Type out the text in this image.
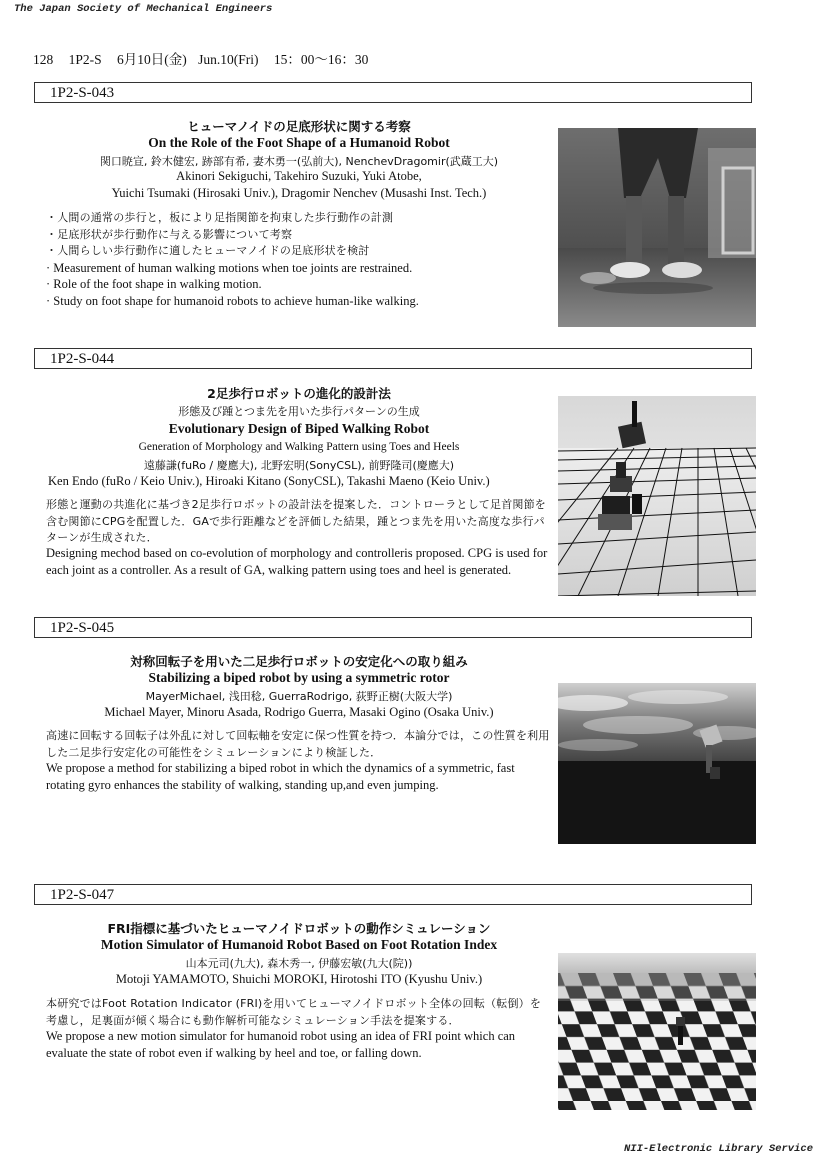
The Japan Society of Mechanical Engineers
128 1P2-S 6月10日(金) Jun.10(Fri) 15：00〜16：30
1P2-S-043
ヒューマノイドの足底形状に関する考察
On the Role of the Foot Shape of a Humanoid Robot
関口暁宣, 鈴木健宏, 跡部有希, 妻木勇一(弘前大), NenchevDragomir(武蔵工大)
Akinori Sekiguchi, Takehiro Suzuki, Yuki Atobe,
Yuichi Tsumaki (Hirosaki Univ.), Dragomir Nenchev (Musashi Inst. Tech.)
・人間の通常の歩行と，板により足指関節を拘束した歩行動作の計測
・足底形状が歩行動作に与える影響について考察
・人間らしい歩行動作に適したヒューマノイドの足底形状を検討
· Measurement of human walking motions when toe joints are restrained.
· Role of the foot shape in walking motion.
· Study on foot shape for humanoid robots to achieve human-like walking.
1P2-S-044
2足歩行ロボットの進化的設計法
形態及び踵とつま先を用いた歩行パターンの生成
Evolutionary Design of Biped Walking Robot
Generation of Morphology and Walking Pattern using Toes and Heels
遠藤謙(fuRo / 慶應大), 北野宏明(SonyCSL), 前野隆司(慶應大)
Ken Endo (fuRo / Keio Univ.), Hiroaki Kitano (SonyCSL), Takashi Maeno (Keio Univ.)
形態と運動の共進化に基づき2足歩行ロボットの設計法を提案した．コントローラとして足首関節を含む関節にCPGを配置した．GAで歩行距離などを評価した結果，踵とつま先を用いた高度な歩行パターンが生成された．
Designing mechod based on co-evolution of morphology and controlleris proposed. CPG is used for each joint as a controller. As a result of GA, walking pattern using toes and heel is generated.
1P2-S-045
対称回転子を用いた二足歩行ロボットの安定化への取り組み
Stabilizing a biped robot by using a symmetric rotor
MayerMichael, 浅田稔, GuerraRodrigo, 荻野正樹(大阪大学)
Michael Mayer, Minoru Asada, Rodrigo Guerra, Masaki Ogino (Osaka Univ.)
高速に回転する回転子は外乱に対して回転軸を安定に保つ性質を持つ．本論分では，この性質を利用した二足歩行安定化の可能性をシミュレーションにより検証した．
We propose a method for stabilizing a biped robot in which the dynamics of a symmetric, fast rotating gyro enhances the stability of walking, standing up,and even jumping.
1P2-S-047
FRI指標に基づいたヒューマノイドロボットの動作シミュレーション
Motion Simulator of Humanoid Robot Based on Foot Rotation Index
山本元司(九大), 森木秀一, 伊藤宏敏(九大(院))
Motoji YAMAMOTO, Shuichi MOROKI, Hirotoshi ITO (Kyushu Univ.)
本研究ではFoot Rotation Indicator (FRI)を用いてヒューマノイドロボット全体の回転（転倒）を考慮し，足裏面が傾く場合にも動作解析可能なシミュレーション手法を提案する．
We propose a new motion simulator for humanoid robot using an idea of FRI point which can evaluate the state of robot even if walking by heel and toe, or falling down.
NII-Electronic Library Service
